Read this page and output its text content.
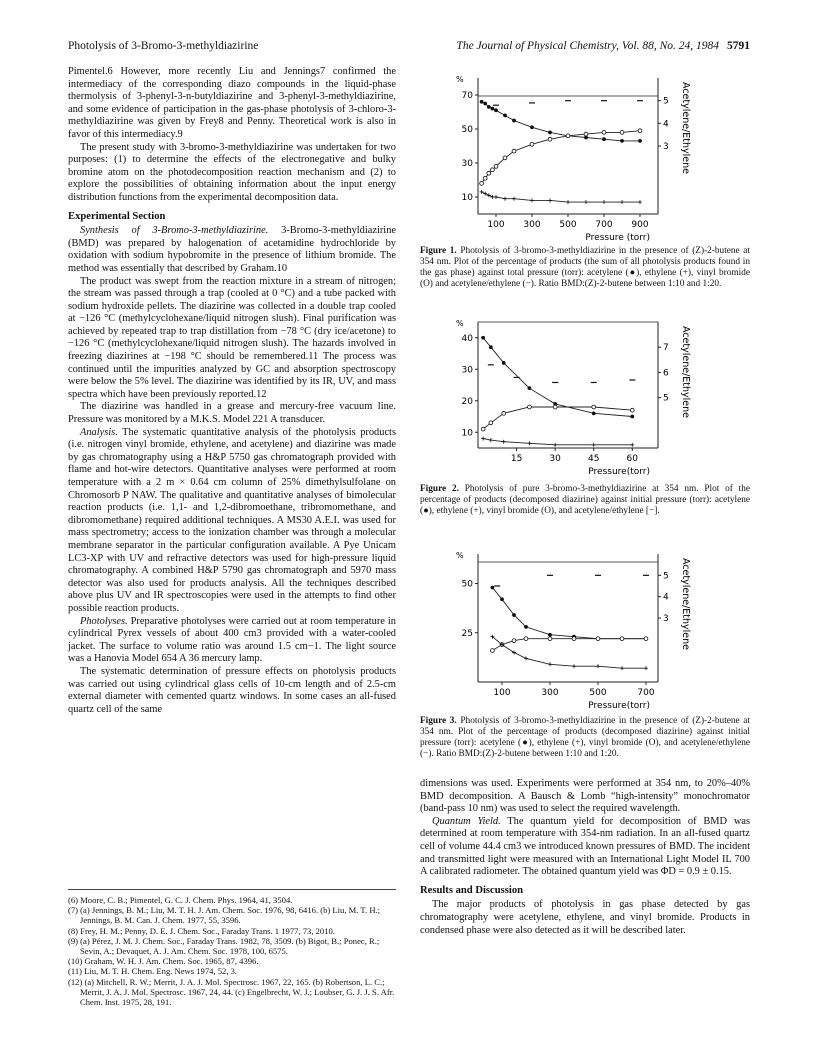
Photolysis of 3-Bromo-3-methyldiazirine	The Journal of Physical Chemistry, Vol. 88, No. 24, 1984 5791

Pimentel.6 However, more recently Liu and Jennings7 confirmed the intermediacy of the corresponding diazo compounds in the liquid-phase thermolysis of 3-phenyl-3-n-butyldiazirine and 3-phenyl-3-methyldiazirine, and some evidence of participation in the gas-phase photolysis of 3-chloro-3-methyldiazirine was given by Frey8 and Penny. Theoretical work is also in favor of this intermediacy.9

The present study with 3-bromo-3-methyldiazirine was undertaken for two purposes: (1) to determine the effects of the electronegative and bulky bromine atom on the photodecomposition reaction mechanism and (2) to explore the possibilities of obtaining information about the input energy distribution functions from the experimental decomposition data.

Experimental Section

Synthesis of 3-Bromo-3-methyldiazirine. 3-Bromo-3-methyldiazirine (BMD) was prepared by halogenation of acetamidine hydrochloride by oxidation with sodium hypobromite in the presence of lithium bromide. The method was essentially that described by Graham.10

The product was swept from the reaction mixture in a stream of nitrogen; the stream was passed through a trap (cooled at 0 °C) and a tube packed with sodium hydroxide pellets. The diazirine was collected in a double trap cooled at −126 °C (methylcyclohexane/liquid nitrogen slush). Final purification was achieved by repeated trap to trap distillation from −78 °C (dry ice/acetone) to −126 °C (methylcyclohexane/liquid nitrogen slush). The hazards involved in freezing diazirines at −198 °C should be remembered.11 The process was continued until the impurities analyzed by GC and absorption spectroscopy were below the 5% level. The diazirine was identified by its IR, UV, and mass spectra which have been previously reported.12

The diazirine was handled in a grease and mercury-free vacuum line. Pressure was monitored by a M.K.S. Model 221 A transducer.

Analysis. The systematic quantitative analysis of the photolysis products (i.e. nitrogen vinyl bromide, ethylene, and acetylene) and diazirine was made by gas chromatography using a H&P 5750 gas chromatograph provided with flame and hot-wire detectors. Quantitative analyses were performed at room temperature with a 2 m × 0.64 cm column of 25% dimethylsulfolane on Chromosorb P NAW. The qualitative and quantitative analyses of bimolecular reaction products (i.e. 1,1- and 1,2-dibromoethane, tribromomethane, and dibromomethane) required additional techniques. A MS30 A.E.I. was used for mass spectrometry; access to the ionization chamber was through a molecular membrane separator in the particular configuration available. A Pye Unicam LC3-XP with UV and refractive detectors was used for high-pressure liquid chromatography. A combined H&P 5790 gas chromatograph and 5970 mass detector was also used for products analysis. All the techniques described above plus UV and IR spectroscopies were used in the attempts to find other possible reaction products.

Photolyses. Preparative photolyses were carried out at room temperature in cylindrical Pyrex vessels of about 400 cm3 provided with a water-cooled jacket. The surface to volume ratio was around 1.5 cm−1. The light source was a Hanovia Model 654 A 36 mercury lamp.

The systematic determination of pressure effects on photolysis products was carried out using cylindrical glass cells of 10-cm length and of 2.5-cm external diameter with cemented quartz windows. In some cases an all-fused quartz cell of the same

(6) Moore, C. B.; Pimentel, G. C. J. Chem. Phys. 1964, 41, 3504.
(7) (a) Jennings, B. M.; Liu, M. T. H. J. Am. Chem. Soc. 1976, 98, 6416. (b) Liu, M. T. H.; Jennings, B. M. Can. J. Chem. 1977, 55, 3596.
(8) Frey, H. M.; Penny, D. E. J. Chem. Soc., Faraday Trans. 1 1977, 73, 2010.
(9) (a) Pérez, J. M. J. Chem. Soc., Faraday Trans. 1982, 78, 3509. (b) Bigot, B.; Ponec, R.; Sevin, A.; Devaquet, A. J. Am. Chem. Soc. 1978, 100, 6575.
(10) Graham, W. H. J. Am. Chem. Soc. 1965, 87, 4396.
(11) Liu, M. T. H. Chem. Eng. News 1974, 52, 3.
(12) (a) Mitchell, R. W.; Merrit, J. A. J. Mol. Spectrosc. 1967, 22, 165. (b) Robertson, L. C.; Merrit, J. A. J. Mol. Spectrosc. 1967, 24, 44. (c) Engelbrecht, W. J.; Loubser, G. J. J. S. Afr. Chem. Inst. 1975, 28, 191.
%
10
30
50
70
100 300 500 700 900
3
4
5
Pressure (torr)
Acetylene/Ethylene
Figure 1. Photolysis of 3-bromo-3-methyldiazirine in the presence of (Z)-2-butene at 354 nm. Plot of the percentage of products (the sum of all photolysis products found in the gas phase) against total pressure (torr): acetylene (●), ethylene (+), vinyl bromide (O) and acetylene/ethylene (−). Ratio BMD:(Z)-2-butene between 1:10 and 1:20.
%
10
20
30
40
15	30	45	60
5
6
7
Pressure(torr)
Acetylene/Ethylene
Figure 2. Photolysis of pure 3-bromo-3-methyldiazirine at 354 nm. Plot of the percentage of products (decomposed diazirine) against initial pressure (torr): acetylene (●), ethylene (+), vinyl bromide (O), and acetylene/ethylene [−].
%
25
50
100	300	500	700
3
4
5
Pressure(torr)
Acetylene/Ethylene
Figure 3. Photolysis of 3-bromo-3-methyldiazirine in the presence of (Z)-2-butene at 354 nm. Plot of the percentage of products (decomposed diazirine) against initial pressure (torr): acetylene (●), ethylene (+), vinyl bromide (O), and acetylene/ethylene (−). Ratio BMD:(Z)-2-butene between 1:10 and 1:20.

dimensions was used. Experiments were performed at 354 nm, to 20%–40% BMD decomposition. A Bausch & Lomb “high-intensity” monochromator (band-pass 10 nm) was used to select the required wavelength.

Quantum Yield. The quantum yield for decomposition of BMD was determined at room temperature with 354-nm radiation. In an all-fused quartz cell of volume 44.4 cm3 we introduced known pressures of BMD. The incident and transmitted light were measured with an International Light Model IL 700 A calibrated radiometer. The obtained quantum yield was ΦD = 0.9 ± 0.15.

Results and Discussion

The major products of photolysis in gas phase detected by gas chromatography were acetylene, ethylene, and vinyl bromide. Products in condensed phase were also detected as it will be described later.
